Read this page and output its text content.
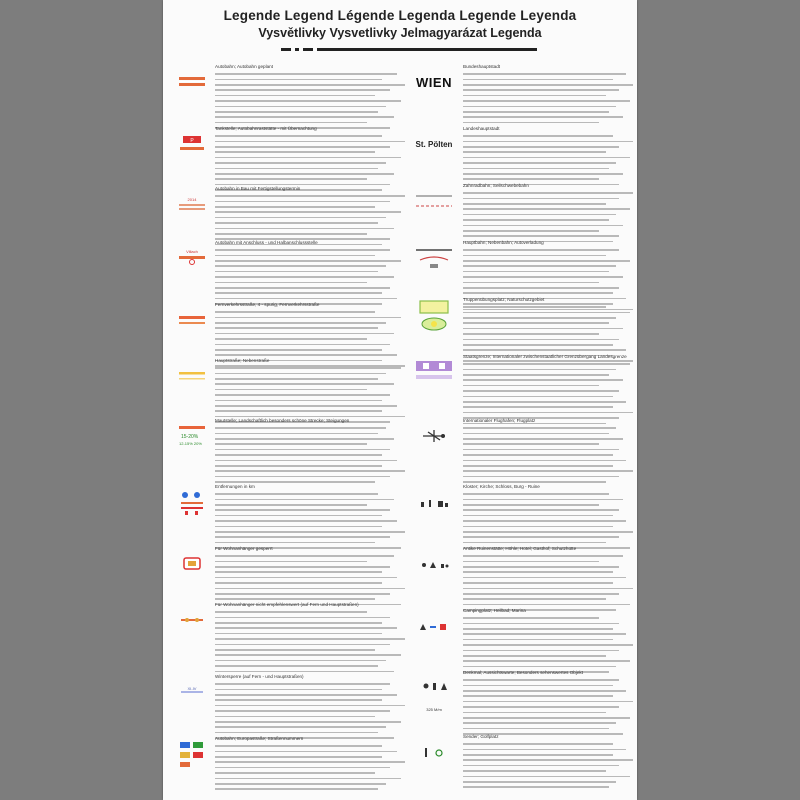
Legende Legend Légende Legenda Legende Leyenda
Vysvětlivky Vysvetlivky Jelmagyarázat Legenda
Autobahn; Autobahn geplant
P
Tankstelle; Autobahnraststätte - mit Übernachtung
2014
Autobahn in Bau mit Fertigstellungstermin
Villach
Autobahn mit Anschluss - und Halbanschlussstelle
Fernverkehrsstraße, 4 - spurig, Fernverkehrsstraße
Hauptstraße; Nebenstraße
15-20%
12-15% 20%
Mautstelle; Landschaftlich besonders schöne Strecke; Steigungen
Entfernungen in km
Für Wohnanhänger gesperrt
Für Wohnanhänger nicht empfehlenswert (auf Fern und Hauptstraßen)
XI-IV
Wintersperre (auf Fern - und Hauptstraßen)
Autobahn; Europastraße; Straßennummern
WIEN
Bundeshauptstadt
St. Pölten
Landeshauptstadt
Zahnradbahn; Seilschwebebahn
Hauptbahn; Nebenbahn; Autoverladung
Truppenübungsplatz; Naturschutzgebiet
Staatsgrenze; Internationaler zwischenstaatlicher Grenzübergang Landesgrenze
Internationaler Flughafen; Flugplatz
Kloster; Kirche; Schloss, Burg - Ruine
Antike Ruinenstätte; Höhle; Hotel; Gasthof; Schutzhütte
Campingplatz; Heilbad; Marina
325 M/m
Denkmal; Aussichtswarte; Besonders sehenswertes Objekt
Sender; Golfplatz
